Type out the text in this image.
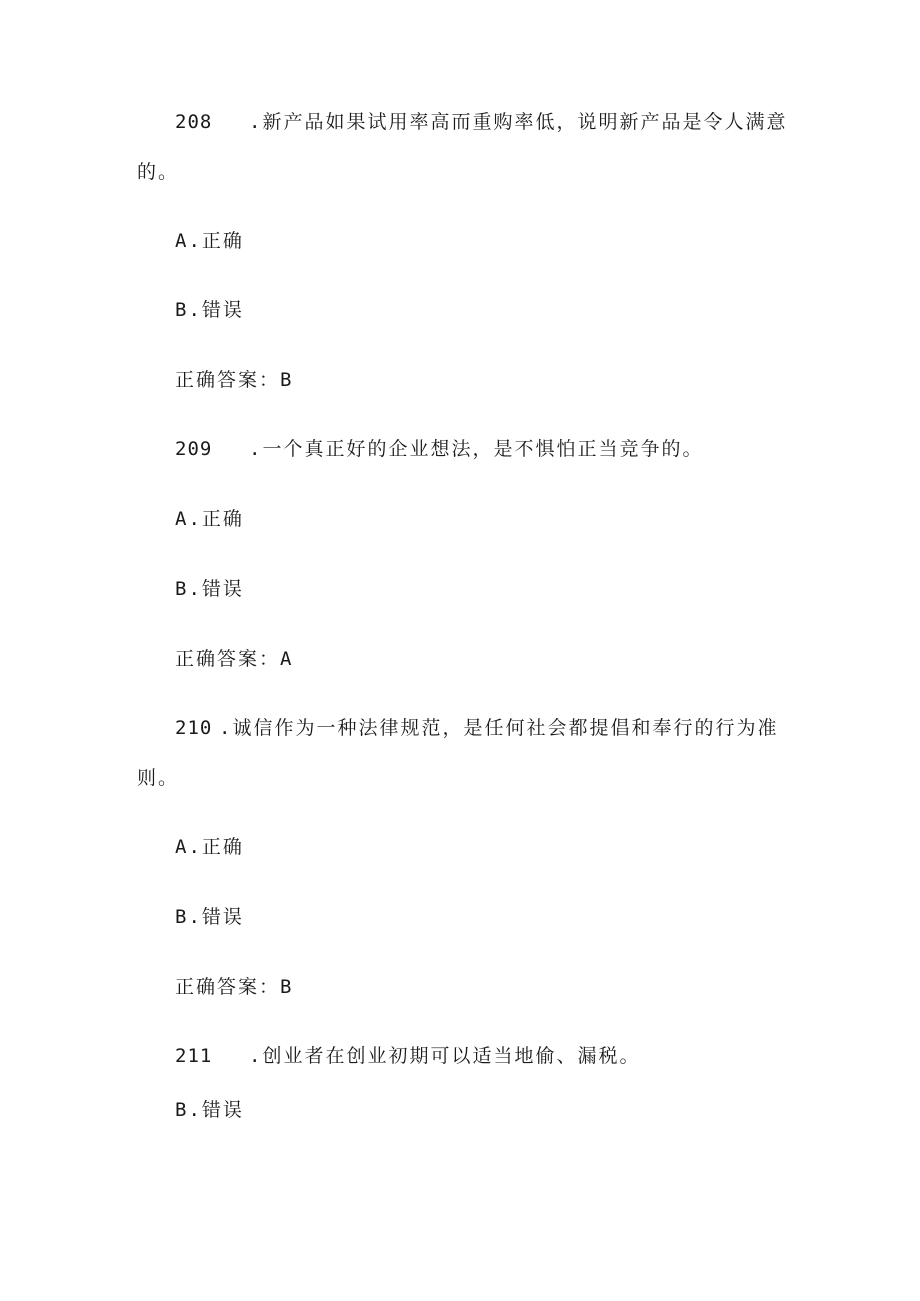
208 .新产品如果试用率高而重购率低，说明新产品是令人满意
的。
A.正确
B.错误
正确答案：B
209 .一个真正好的企业想法，是不惧怕正当竞争的。
A.正确
B.错误
正确答案：A
210 .诚信作为一种法律规范，是任何社会都提倡和奉行的行为准
则。
A.正确
B.错误
正确答案：B
211 .创业者在创业初期可以适当地偷、漏税。
B.错误
